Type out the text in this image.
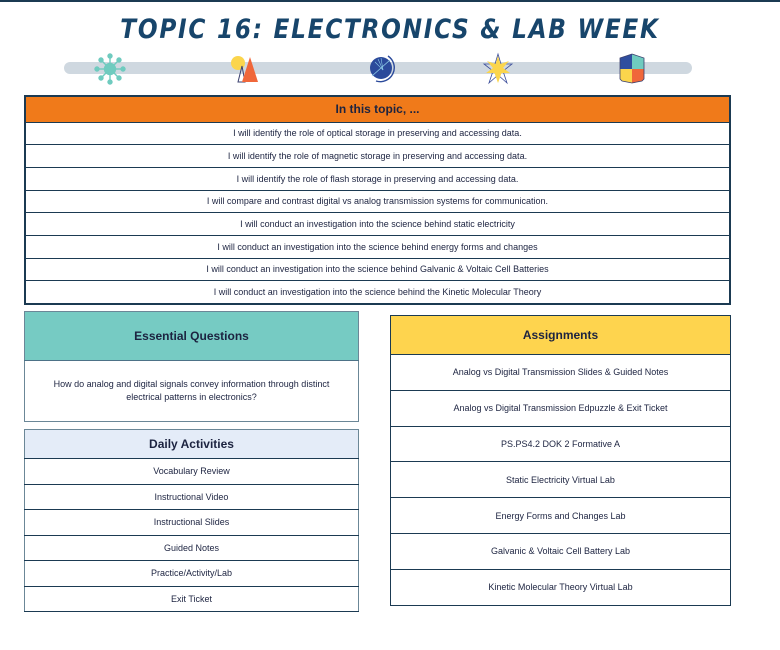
TOPIC 16: ELECTRONICS & LAB WEEK
In this topic, ...
I will identify the role of optical storage in preserving and accessing data.
I will identify the role of magnetic storage in preserving and accessing data.
I will identify the role of flash storage in preserving and accessing data.
I will compare and contrast digital vs analog transmission systems for communication.
I will conduct an investigation into the science behind static electricity
I will conduct an investigation into the science behind energy forms and changes
I will conduct an investigation into the science behind Galvanic & Voltaic Cell Batteries
I will conduct an investigation into the science behind the Kinetic Molecular Theory
Essential Questions
How do analog and digital signals convey information through distinct electrical patterns in electronics?
Daily Activities
Vocabulary Review
Instructional Video
Instructional Slides
Guided Notes
Practice/Activity/Lab
Exit Ticket
Assignments
Analog vs Digital Transmission Slides & Guided Notes
Analog vs Digital Transmission Edpuzzle & Exit Ticket
PS.PS4.2 DOK 2 Formative A
Static Electricity Virtual Lab
Energy Forms and Changes Lab
Galvanic & Voltaic Cell Battery Lab
Kinetic Molecular Theory Virtual Lab
